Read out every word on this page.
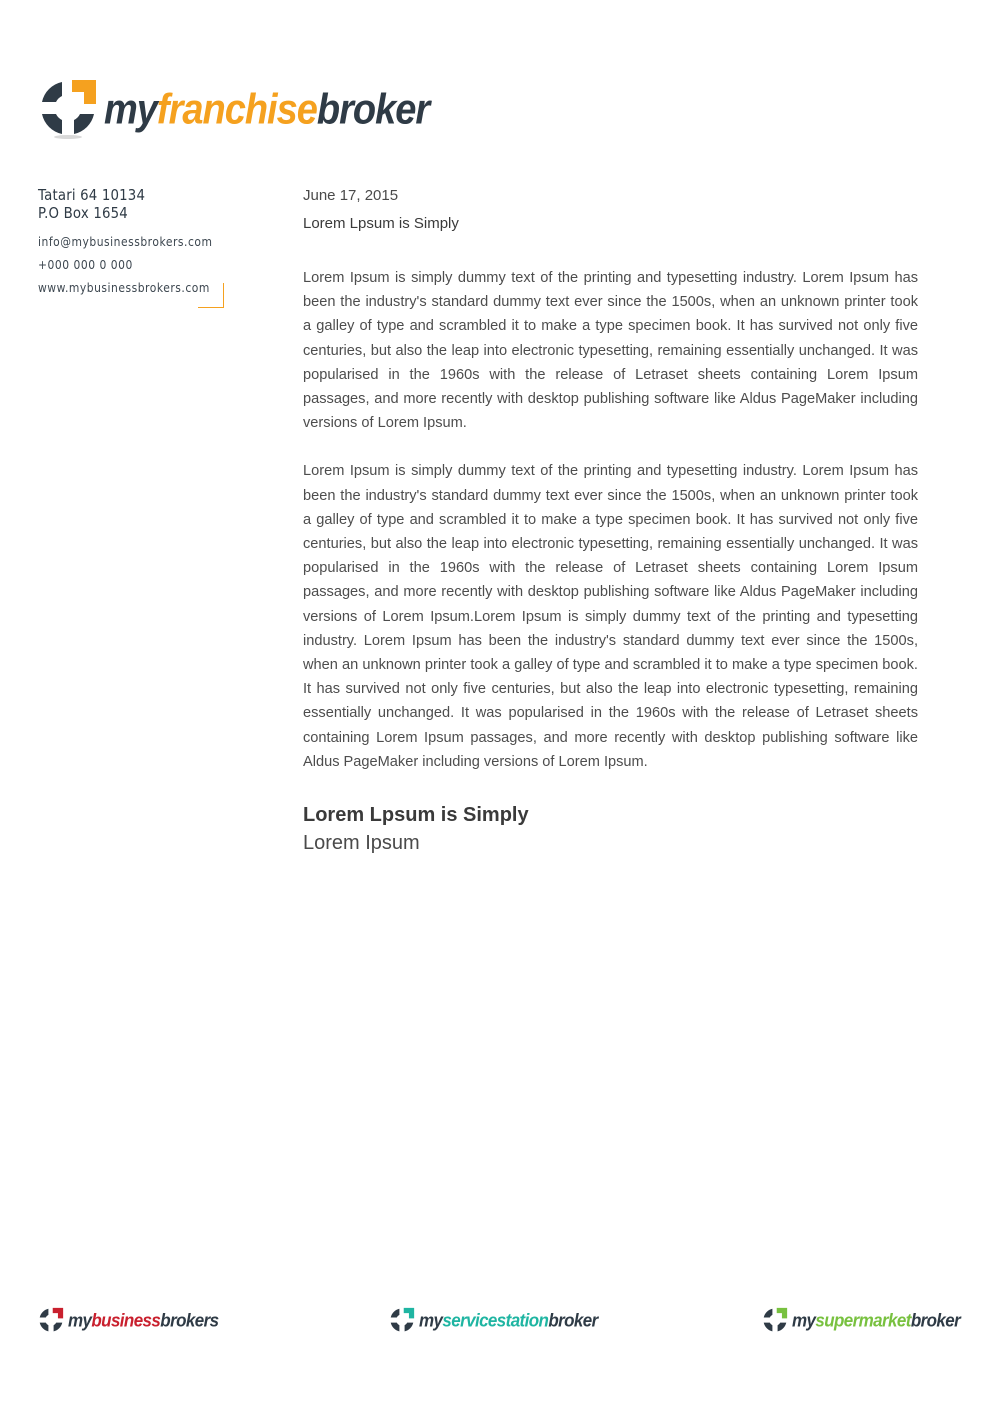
myfranchisebroker
Tatari 64 10134
P.O Box 1654
info@mybusinessbrokers.com
+000 000 0 000
www.mybusinessbrokers.com

June 17, 2015

Lorem Lpsum is Simply

Lorem Ipsum is simply dummy text of the printing and typesetting industry. Lorem Ipsum has been the industry's standard dummy text ever since the 1500s, when an unknown printer took a galley of type and scrambled it to make a type specimen book. It has survived not only five centuries, but also the leap into electronic typesetting, remaining essentially unchanged. It was popularised in the 1960s with the release of Letraset sheets containing Lorem Ipsum passages, and more recently with desktop publishing software like Aldus PageMaker including versions of Lorem Ipsum.

Lorem Ipsum is simply dummy text of the printing and typesetting industry. Lorem Ipsum has been the industry's standard dummy text ever since the 1500s, when an unknown printer took a galley of type and scrambled it to make a type specimen book. It has survived not only five centuries, but also the leap into electronic typesetting, remaining essentially unchanged. It was popularised in the 1960s with the release of Letraset sheets containing Lorem Ipsum passages, and more recently with desktop publishing software like Aldus PageMaker including versions of Lorem Ipsum.Lorem Ipsum is simply dummy text of the printing and typesetting industry. Lorem Ipsum has been the industry's standard dummy text ever since the 1500s, when an unknown printer took a galley of type and scrambled it to make a type specimen book. It has survived not only five centuries, but also the leap into electronic typesetting, remaining essentially unchanged. It was popularised in the 1960s with the release of Letraset sheets containing Lorem Ipsum passages, and more recently with desktop publishing software like Aldus PageMaker including versions of Lorem Ipsum.

Lorem Lpsum is Simply

Lorem Ipsum

mybusinessbrokers	myservicestationbroker	mysupermarketbroker
